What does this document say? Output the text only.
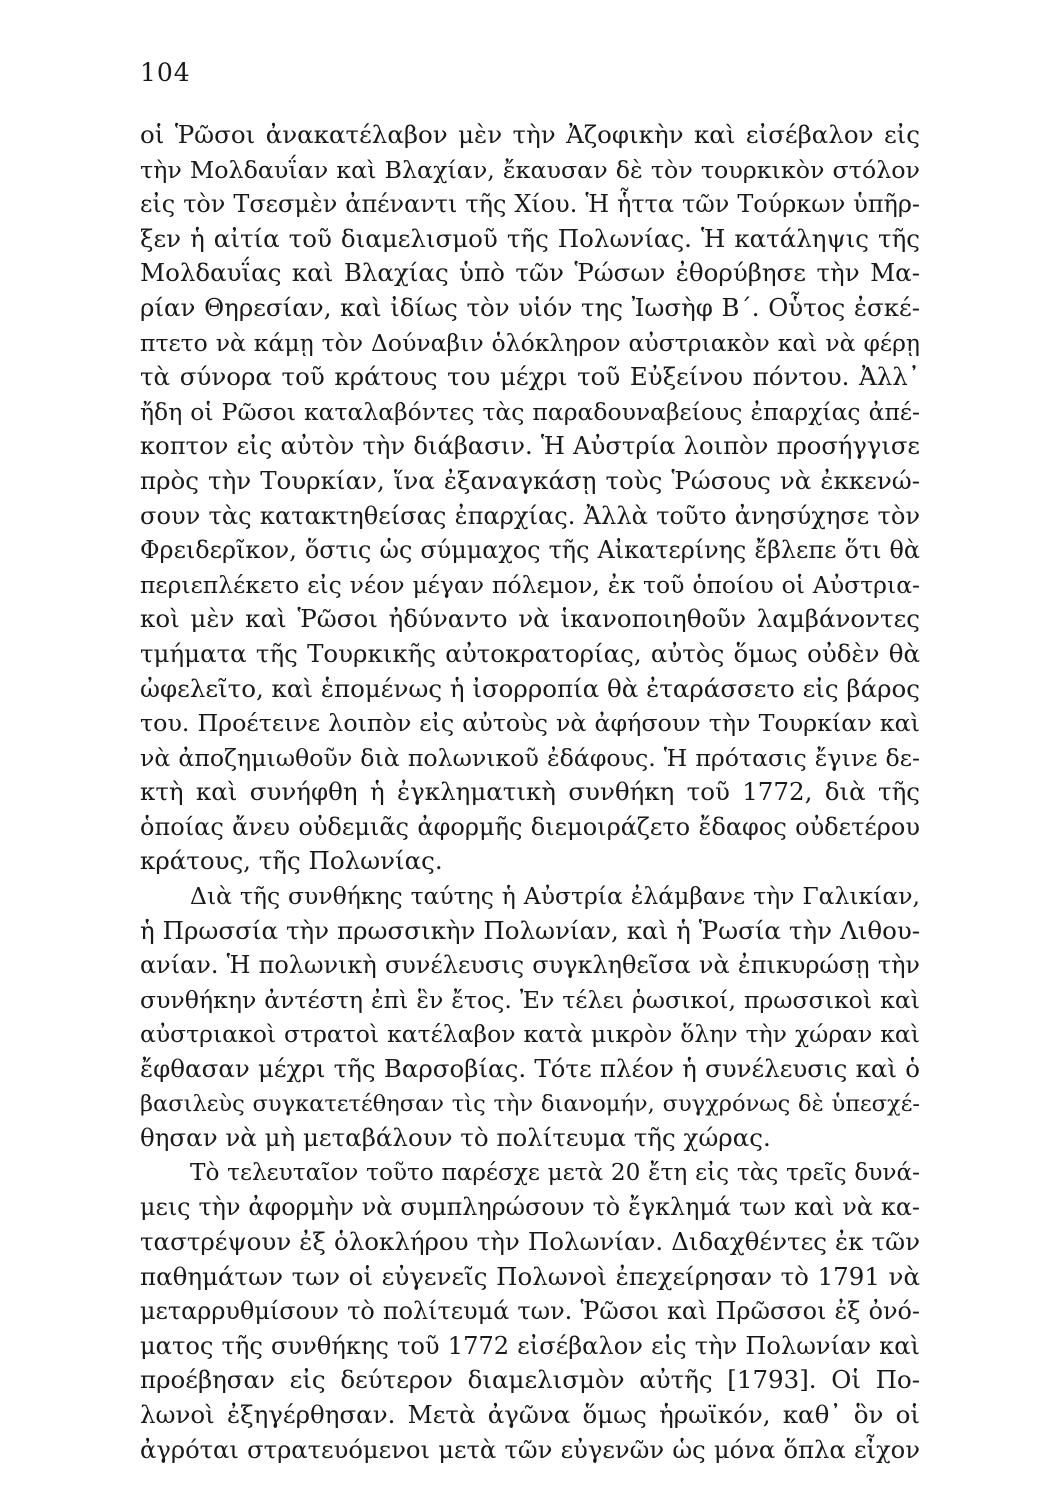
104
οἱ Ῥῶσοι ἀνακατέλαβον μὲν τὴν Ἀζοφικὴν καὶ εἰσέβαλον εἰς
τὴν Μολδαυΐαν καὶ Βλαχίαν, ἔκαυσαν δὲ τὸν τουρκικὸν στόλον
εἰς τὸν Τσεσμὲν ἀπέναντι τῆς Χίου. Ἡ ἧττα τῶν Τούρκων ὑπῆρ-
ξεν ἡ αἰτία τοῦ διαμελισμοῦ τῆς Πολωνίας. Ἡ κατάληψις τῆς
Μολδαυΐας καὶ Βλαχίας ὑπὸ τῶν Ῥώσων ἐθορύβησε τὴν Μα-
ρίαν Θηρεσίαν, καὶ ἰδίως τὸν υἱόν της Ἰωσὴφ Β΄. Οὗτος ἐσκέ-
πτετο νὰ κάμῃ τὸν Δούναβιν ὁλόκληρον αὐστριακὸν καὶ νὰ φέρῃ
τὰ σύνορα τοῦ κράτους του μέχρι τοῦ Εὐξείνου πόντου. Ἀλλ᾿
ἤδη οἱ Ρῶσοι καταλαβόντες τὰς παραδουναβείους ἐπαρχίας ἀπέ-
κοπτον εἰς αὐτὸν τὴν διάβασιν. Ἡ Αὐστρία λοιπὸν προσήγγισε
πρὸς τὴν Τουρκίαν, ἵνα ἐξαναγκάσῃ τοὺς Ῥώσους νὰ ἐκκενώ-
σουν τὰς κατακτηθείσας ἐπαρχίας. Ἀλλὰ τοῦτο ἀνησύχησε τὸν
Φρειδερῖκον, ὅστις ὡς σύμμαχος τῆς Αἰκατερίνης ἔβλεπε ὅτι θὰ
περιεπλέκετο εἰς νέον μέγαν πόλεμον, ἐκ τοῦ ὁποίου οἱ Αὐστρια-
κοὶ μὲν καὶ Ῥῶσοι ἠδύναντο νὰ ἱκανοποιηθοῦν λαμβάνοντες
τμήματα τῆς Τουρκικῆς αὐτοκρατορίας, αὐτὸς ὅμως οὐδὲν θὰ
ὠφελεῖτο, καὶ ἑπομένως ἡ ἰσορροπία θὰ ἐταράσσετο εἰς βάρος
του. Προέτεινε λοιπὸν εἰς αὐτοὺς νὰ ἀφήσουν τὴν Τουρκίαν καὶ
νὰ ἀποζημιωθοῦν διὰ πολωνικοῦ ἐδάφους. Ἡ πρότασις ἔγινε δε-
κτὴ καὶ συνήφθη ἡ ἐγκληματικὴ συνθήκη τοῦ 1772, διὰ τῆς
ὁποίας ἄνευ οὐδεμιᾶς ἀφορμῆς διεμοιράζετο ἔδαφος οὐδετέρου
κράτους, τῆς Πολωνίας.
Διὰ τῆς συνθήκης ταύτης ἡ Αὐστρία ἐλάμβανε τὴν Γαλικίαν,
ἡ Πρωσσία τὴν πρωσσικὴν Πολωνίαν, καὶ ἡ Ῥωσία τὴν Λιθου-
ανίαν. Ἡ πολωνικὴ συνέλευσις συγκληθεῖσα νὰ ἐπικυρώσῃ τὴν
συνθήκην ἀντέστη ἐπὶ ἓν ἔτος. Ἐν τέλει ῥωσικοί, πρωσσικοὶ καὶ
αὐστριακοὶ στρατοὶ κατέλαβον κατὰ μικρὸν ὅλην τὴν χώραν καὶ
ἔφθασαν μέχρι τῆς Βαρσοβίας. Τότε πλέον ἡ συνέλευσις καὶ ὁ
βασιλεὺς συγκατετέθησαν τὶς τὴν διανομήν, συγχρόνως δὲ ὑπεσχέ-
θησαν νὰ μὴ μεταβάλουν τὸ πολίτευμα τῆς χώρας.
Τὸ τελευταῖον τοῦτο παρέσχε μετὰ 20 ἔτη εἰς τὰς τρεῖς δυνά-
μεις τὴν ἀφορμὴν νὰ συμπληρώσουν τὸ ἔγκλημά των καὶ νὰ κα-
ταστρέψουν ἐξ ὁλοκλήρου τὴν Πολωνίαν. Διδαχθέντες ἐκ τῶν
παθημάτων των οἱ εὐγενεῖς Πολωνοὶ ἐπεχείρησαν τὸ 1791 νὰ
μεταρρυθμίσουν τὸ πολίτευμά των. Ῥῶσοι καὶ Πρῶσσοι ἐξ ὀνό-
ματος τῆς συνθήκης τοῦ 1772 εἰσέβαλον εἰς τὴν Πολωνίαν καὶ
προέβησαν εἰς δεύτερον διαμελισμὸν αὐτῆς [1793]. Οἱ Πο-
λωνοὶ ἐξηγέρθησαν. Μετὰ ἀγῶνα ὅμως ἡρωϊκόν, καθ᾿ ὃν οἱ
ἀγρόται στρατευόμενοι μετὰ τῶν εὐγενῶν ὡς μόνα ὅπλα εἶχον
